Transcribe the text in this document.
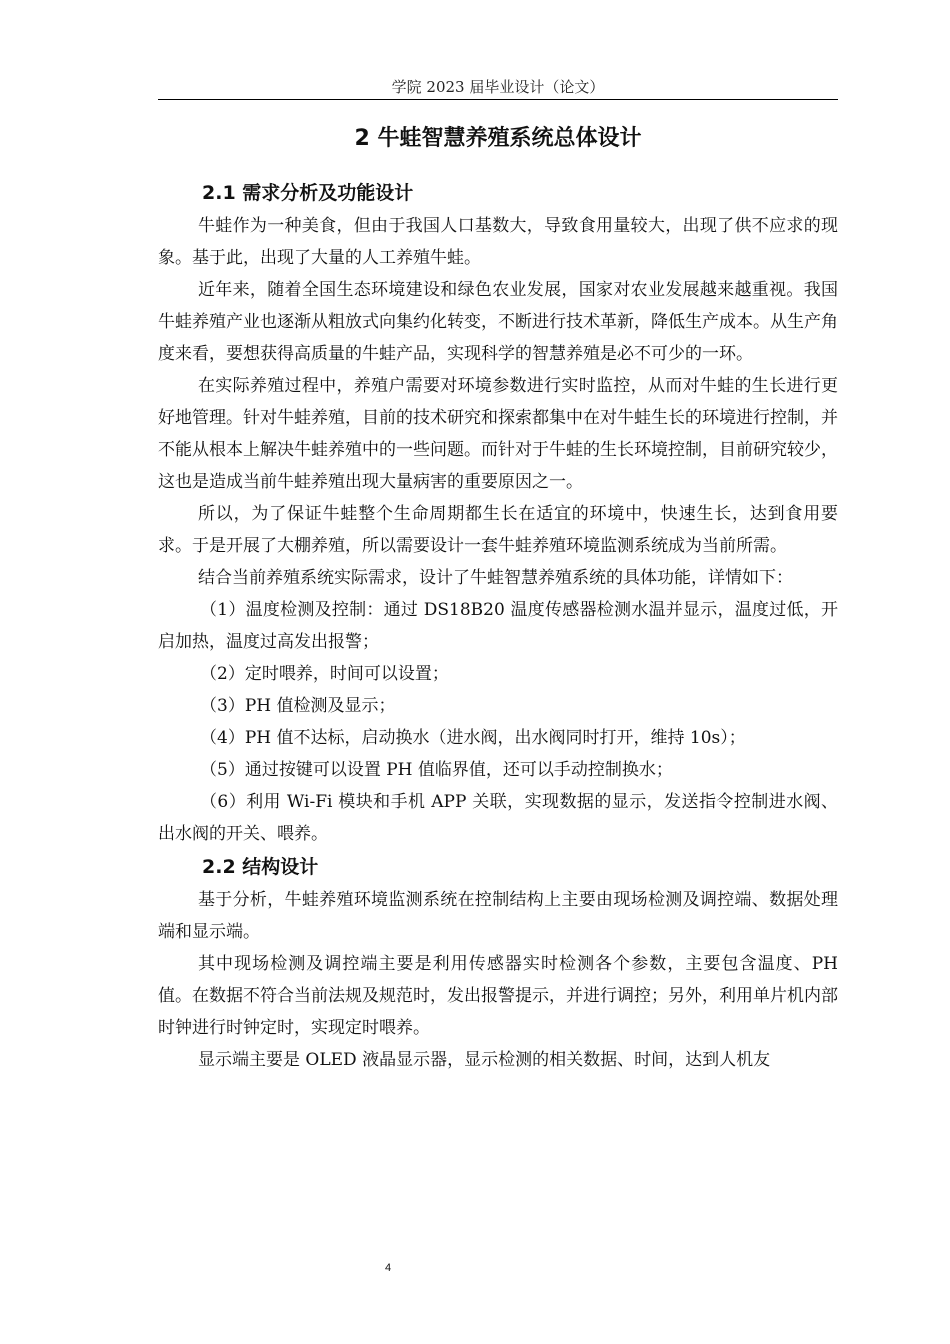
学院 2023 届毕业设计（论文）
2 牛蛙智慧养殖系统总体设计
2.1 需求分析及功能设计

牛蛙作为一种美食，但由于我国人口基数大，导致食用量较大，出现了供不应求的现象。基于此，出现了大量的人工养殖牛蛙。

近年来，随着全国生态环境建设和绿色农业发展，国家对农业发展越来越重视。我国牛蛙养殖产业也逐渐从粗放式向集约化转变，不断进行技术革新，降低生产成本。从生产角度来看，要想获得高质量的牛蛙产品，实现科学的智慧养殖是必不可少的一环。

在实际养殖过程中，养殖户需要对环境参数进行实时监控，从而对牛蛙的生长进行更好地管理。针对牛蛙养殖，目前的技术研究和探索都集中在对牛蛙生长的环境进行控制，并不能从根本上解决牛蛙养殖中的一些问题。而针对于牛蛙的生长环境控制，目前研究较少，这也是造成当前牛蛙养殖出现大量病害的重要原因之一。

所以，为了保证牛蛙整个生命周期都生长在适宜的环境中，快速生长，达到食用要求。于是开展了大棚养殖，所以需要设计一套牛蛙养殖环境监测系统成为当前所需。

结合当前养殖系统实际需求，设计了牛蛙智慧养殖系统的具体功能，详情如下：

（1）温度检测及控制：通过 DS18B20 温度传感器检测水温并显示，温度过低，开启加热，温度过高发出报警；

（2）定时喂养，时间可以设置；

（3）PH 值检测及显示；

（4）PH 值不达标，启动换水（进水阀，出水阀同时打开，维持 10s）；

（5）通过按键可以设置 PH 值临界值，还可以手动控制换水；

（6）利用 Wi-Fi 模块和手机 APP 关联，实现数据的显示，发送指令控制进水阀、出水阀的开关、喂养。

2.2 结构设计

基于分析，牛蛙养殖环境监测系统在控制结构上主要由现场检测及调控端、数据处理端和显示端。

其中现场检测及调控端主要是利用传感器实时检测各个参数，主要包含温度、PH 值。在数据不符合当前法规及规范时，发出报警提示，并进行调控；另外，利用单片机内部时钟进行时钟定时，实现定时喂养。

显示端主要是 OLED 液晶显示器，显示检测的相关数据、时间，达到人机友

4
